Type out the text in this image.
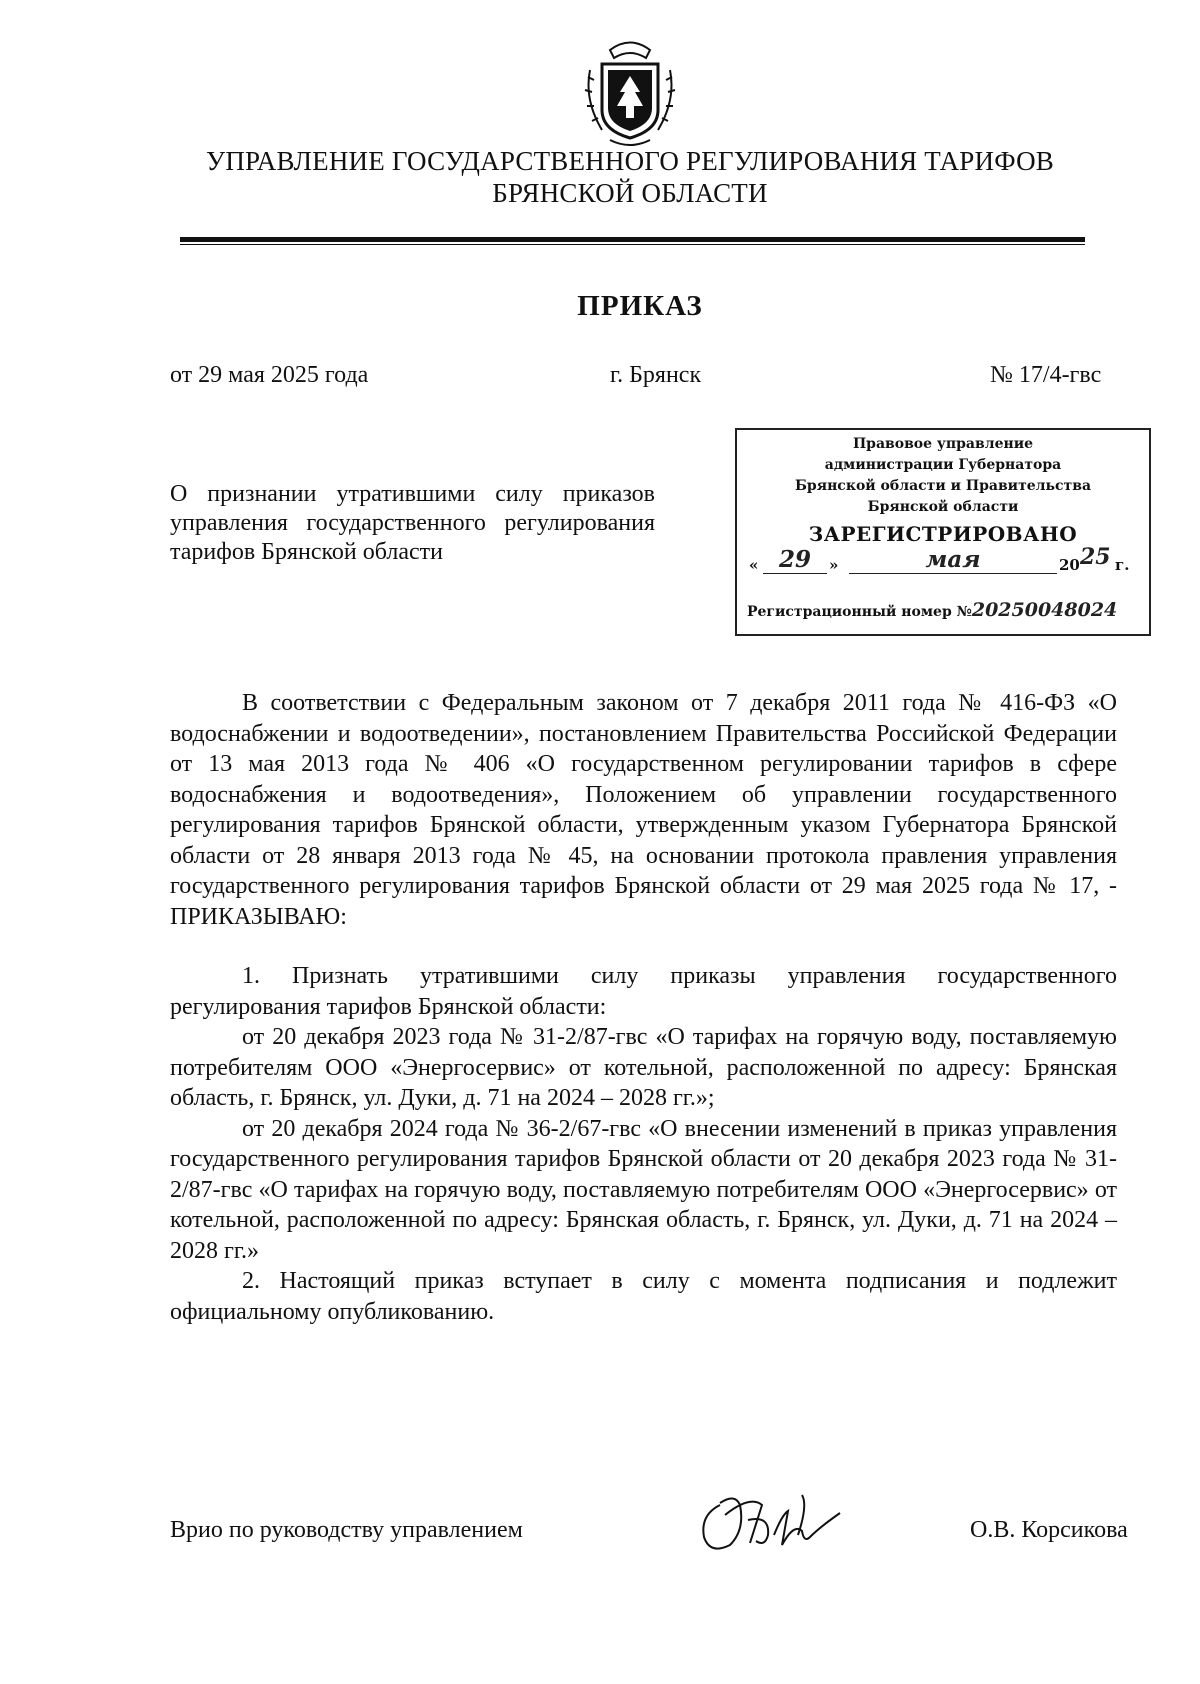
УПРАВЛЕНИЕ ГОСУДАРСТВЕННОГО РЕГУЛИРОВАНИЯ ТАРИФОВ
БРЯНСКОЙ ОБЛАСТИ
ПРИКАЗ
от 29 мая 2025 года	г. Брянск	№ 17/4-гвс
О признании утратившими силу приказов управления государственного регулирования тарифов Брянской области
Правовое управление
администрации Губернатора
Брянской области и Правительства
Брянской области
ЗАРЕГИСТРИРОВАНО
« 29	»	мая	20 25 г.
Регистрационный номер №20250048024

В соответствии с Федеральным законом от 7 декабря 2011 года № 416-ФЗ «О водоснабжении и водоотведении», постановлением Правительства Российской Федерации от 13 мая 2013 года № 406 «О государственном регулировании тарифов в сфере водоснабжения и водоотведения», Положением об управлении государственного регулирования тарифов Брянской области, утвержденным указом Губернатора Брянской области от 28 января 2013 года № 45, на основании протокола правления управления государственного регулирования тарифов Брянской области от 29 мая 2025 года № 17, -

ПРИКАЗЫВАЮ:

1. Признать утратившими силу приказы управления государственного регулирования тарифов Брянской области:

от 20 декабря 2023 года № 31-2/87-гвс «О тарифах на горячую воду, поставляемую потребителям ООО «Энергосервис» от котельной, расположенной по адресу: Брянская область, г. Брянск, ул. Дуки, д. 71 на 2024 – 2028 гг.»;

от 20 декабря 2024 года № 36-2/67-гвс «О внесении изменений в приказ управления государственного регулирования тарифов Брянской области от 20 декабря 2023 года № 31-2/87-гвс «О тарифах на горячую воду, поставляемую потребителям ООО «Энергосервис» от котельной, расположенной по адресу: Брянская область, г. Брянск, ул. Дуки, д. 71 на 2024 – 2028 гг.»

2. Настоящий приказ вступает в силу с момента подписания и подлежит официальному опубликованию.

Врио по руководству управлением	О.В. Корсикова
